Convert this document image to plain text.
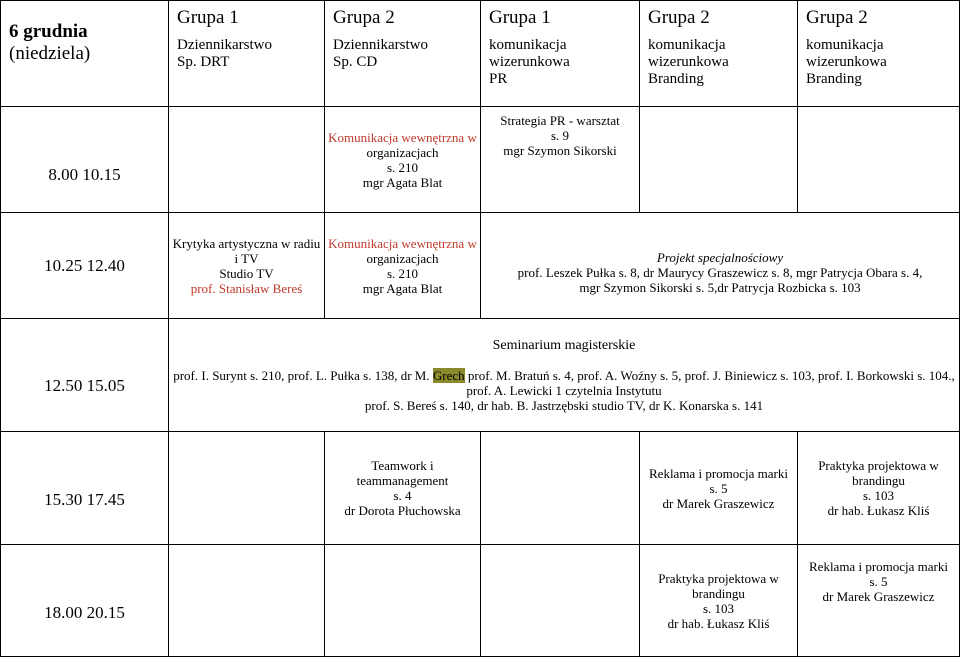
6 grudnia
(niedziela)	Grupa 1
Dziennikarstwo
Sp. DRT	Grupa 2
Dziennikarstwo
Sp. CD	Grupa 1
komunikacja
wizerunkowa
PR	Grupa 2
komunikacja
wizerunkowa
Branding	Grupa 2
komunikacja
wizerunkowa
Branding

8.00 10.15		Komunikacja wewnętrzna w
organizacjach
s. 210
mgr Agata Blat	Strategia PR - warsztat
s. 9
mgr Szymon Sikorski		

10.25 12.40	Krytyka artystyczna w radiu
i TV
Studio TV
prof. Stanisław Bereś	Komunikacja wewnętrzna w
organizacjach
s. 210
mgr Agata Blat	Projekt specjalnościowy
prof. Leszek Pułka s. 8, dr Maurycy Graszewicz s. 8, mgr Patrycja Obara s. 4,
mgr Szymon Sikorski s. 5,dr Patrycja Rozbicka s. 103		

12.50 15.05	Seminarium magisterskie
prof. I. Surynt s. 210, prof. L. Pułka s. 138, dr M. Grech prof. M. Bratuń s. 4, prof. A. Woźny s. 5, prof. J. Biniewicz s. 103, prof. I. Borkowski s. 104.,
prof. A. Lewicki 1 czytelnia Instytutu
prof. S. Bereś s. 140, dr hab. B. Jastrzębski studio TV, dr K. Konarska s. 141				

15.30 17.45		Teamwork i
teammanagement
s. 4
dr Dorota Płuchowska		Reklama i promocja marki
s. 5
dr Marek Graszewicz	Praktyka projektowa w
brandingu
s. 103
dr hab. Łukasz Kliś

18.00 20.15				Praktyka projektowa w
brandingu
s. 103
dr hab. Łukasz Kliś	Reklama i promocja marki
s. 5
dr Marek Graszewicz
